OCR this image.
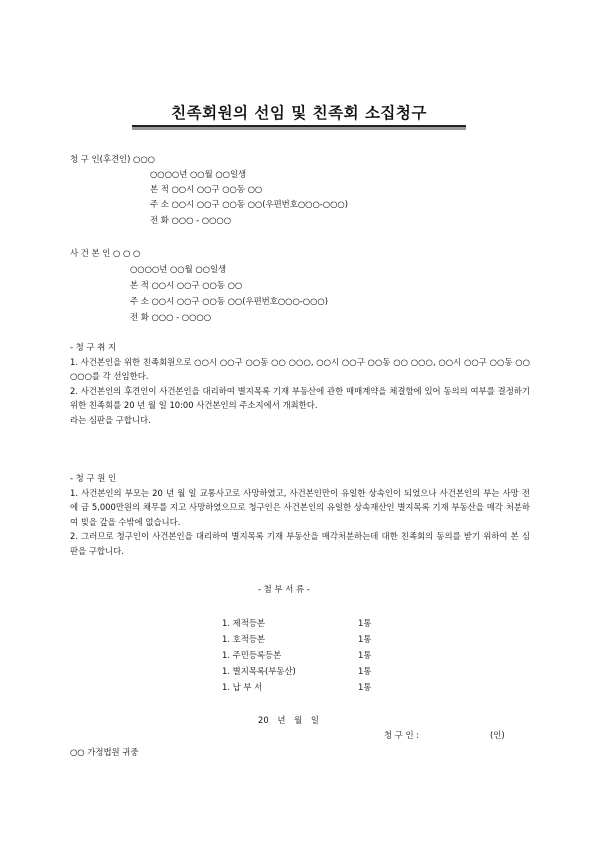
친족회원의 선임 및 친족회 소집청구
청 구 인(후견인) ○○○
○○○○년 ○○월 ○○일생
본 적 ○○시 ○○구 ○○동 ○○
주 소 ○○시 ○○구 ○○동 ○○(우편번호○○○-○○○)
전 화 ○○○ - ○○○○
사 건 본 인 ○ ○ ○
○○○○년 ○○월 ○○일생
본 적 ○○시 ○○구 ○○동 ○○
주 소 ○○시 ○○구 ○○동 ○○(우편번호○○○-○○○)
전 화 ○○○ - ○○○○

- 청 구 취 지

1. 사건본인을 위한 친족회원으로 ○○시 ○○구 ○○동 ○○ ○○○, ○○시 ○○구 ○○동 ○○ ○○○, ○○시 ○○구 ○○동 ○○ ○○○를 각 선임한다.

2. 사건본인의 후견인이 사건본인을 대리하여 별지목록 기재 부동산에 관한 매매계약을 체결함에 있어 동의의 여부를 결정하기 위한 친족회를 20 년 월 일 10:00 사건본인의 주소지에서 개최한다.

라는 심판을 구합니다.

- 청 구 원 인

1. 사건본인의 부모는 20 년 월 일 교통사고로 사망하였고, 사건본인만이 유일한 상속인이 되었으나 사건본인의 부는 사망 전에 금 5,000만원의 채무를 지고 사망하였으므로 청구인은 사건본인의 유일한 상속재산인 별지목록 기재 부동산을 매각 처분하여 빚을 갚을 수밖에 없습니다.

2. 그러므로 청구인이 사건본인을 대리하여 별지목록 기재 부동산을 매각처분하는데 대한 친족회의 동의를 받기 위하여 본 심판을 구합니다.

- 첨 부 서 류 -
1. 제적등본	1통
1. 호적등본	1통
1. 주민등록등본	1통
1. 별지목록(부동산)	1통
1. 납 부 서	1통
20 년 월 일
청 구 인 :	(인)
○○ 가정법원 귀중
